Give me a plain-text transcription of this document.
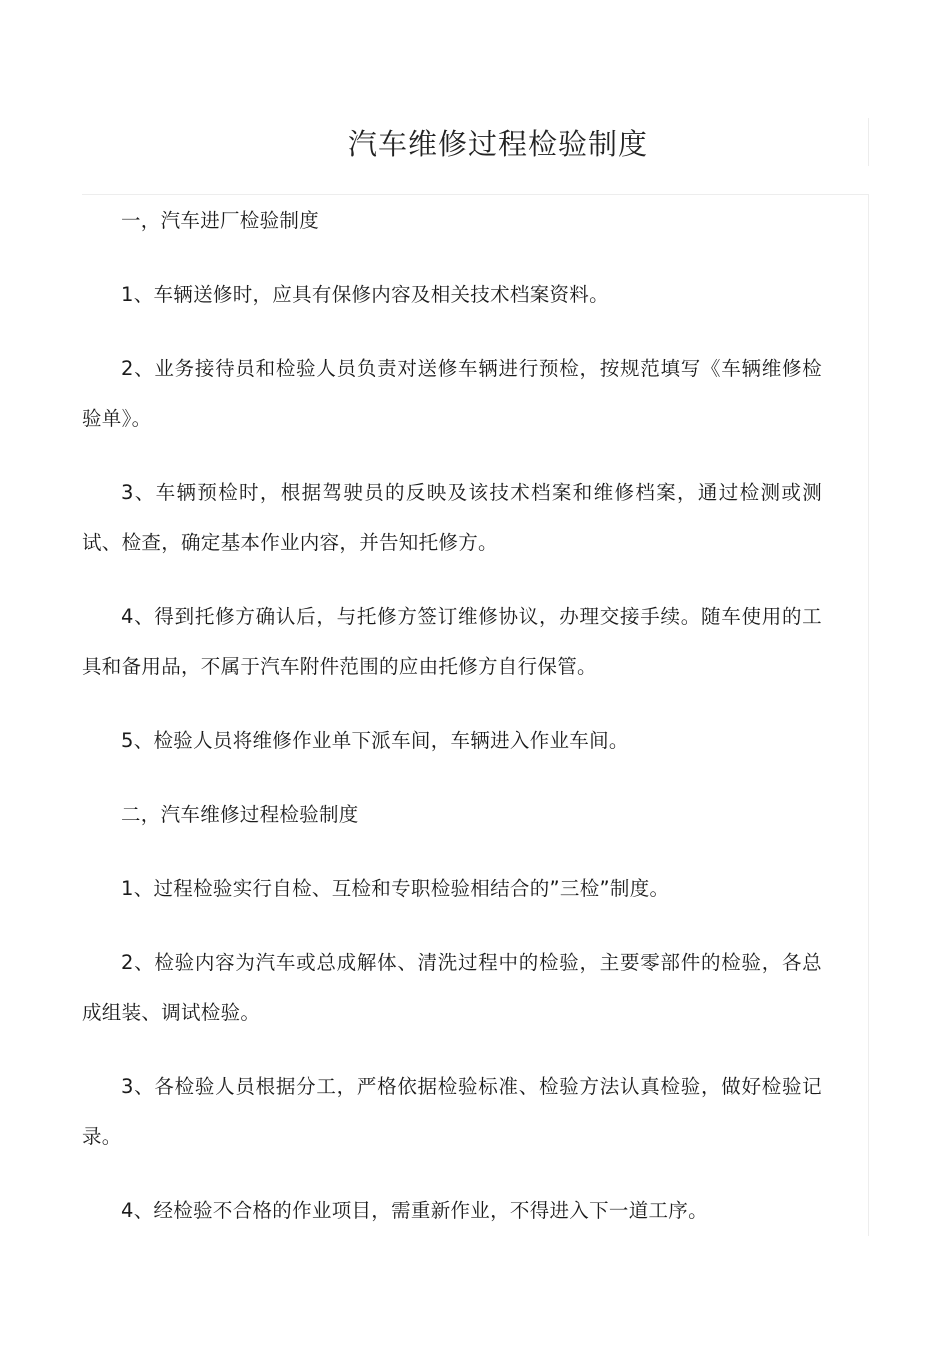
汽车维修过程检验制度

一，汽车进厂检验制度

1、车辆送修时，应具有保修内容及相关技术档案资料。

2、业务接待员和检验人员负责对送修车辆进行预检，按规范填写《车辆维修检验单》。

3、车辆预检时，根据驾驶员的反映及该技术档案和维修档案，通过检测或测试、检查，确定基本作业内容，并告知托修方。

4、得到托修方确认后，与托修方签订维修协议，办理交接手续。随车使用的工具和备用品，不属于汽车附件范围的应由托修方自行保管。

5、检验人员将维修作业单下派车间，车辆进入作业车间。

二，汽车维修过程检验制度

1、过程检验实行自检、互检和专职检验相结合的”三检”制度。

2、检验内容为汽车或总成解体、清洗过程中的检验，主要零部件的检验，各总成组装、调试检验。

3、各检验人员根据分工，严格依据检验标准、检验方法认真检验，做好检验记录。

4、经检验不合格的作业项目，需重新作业，不得进入下一道工序。
